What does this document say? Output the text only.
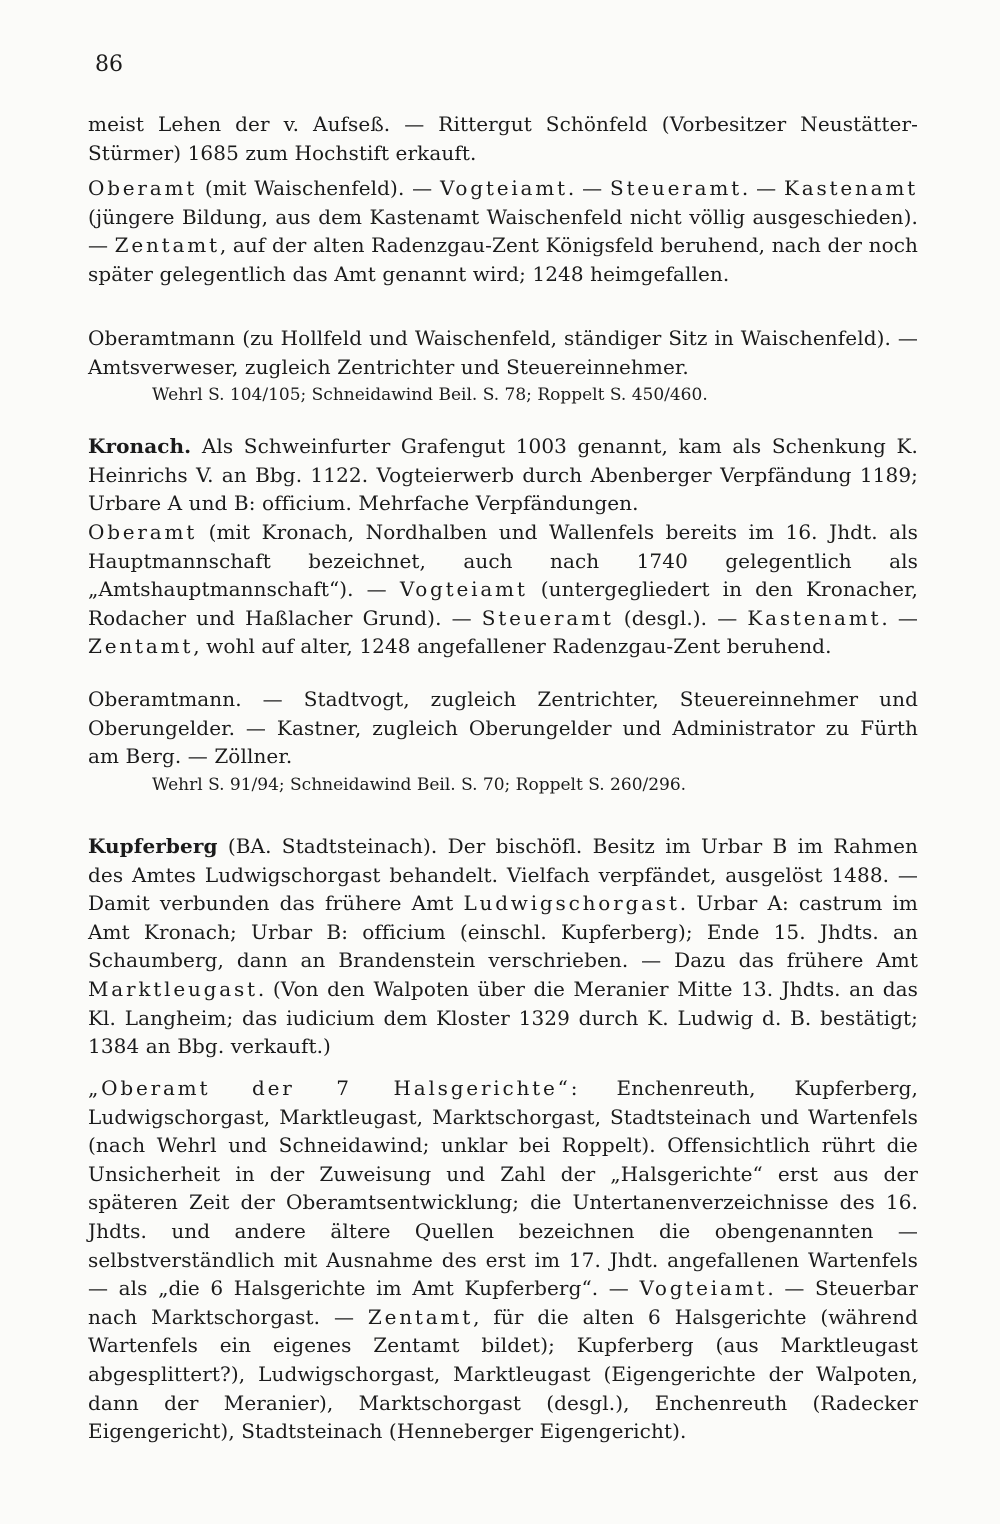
86
meist Lehen der v. Aufseß. — Rittergut Schönfeld (Vorbesitzer Neustätter-Stürmer) 1685 zum Hochstift erkauft.
Oberamt (mit Waischenfeld). — Vogteiamt. — Steueramt. — Kastenamt (jüngere Bildung, aus dem Kastenamt Waischenfeld nicht völlig ausgeschieden). — Zentamt, auf der alten Radenzgau-Zent Königsfeld beruhend, nach der noch später gelegentlich das Amt genannt wird; 1248 heimgefallen.
Oberamtmann (zu Hollfeld und Waischenfeld, ständiger Sitz in Waischenfeld). — Amtsverweser, zugleich Zentrichter und Steuereinnehmer.
Wehrl S. 104/105; Schneidawind Beil. S. 78; Roppelt S. 450/460.
Kronach. Als Schweinfurter Grafengut 1003 genannt, kam als Schenkung K. Heinrichs V. an Bbg. 1122. Vogteierwerb durch Abenberger Verpfändung 1189; Urbare A und B: officium. Mehrfache Verpfändungen.
Oberamt (mit Kronach, Nordhalben und Wallenfels bereits im 16. Jhdt. als Hauptmannschaft bezeichnet, auch nach 1740 gelegentlich als „Amtshauptmannschaft“). — Vogteiamt (untergegliedert in den Kronacher, Rodacher und Haßlacher Grund). — Steueramt (desgl.). — Kastenamt. — Zentamt, wohl auf alter, 1248 angefallener Radenzgau-Zent beruhend.
Oberamtmann. — Stadtvogt, zugleich Zentrichter, Steuereinnehmer und Oberungelder. — Kastner, zugleich Oberungelder und Administrator zu Fürth am Berg. — Zöllner.
Wehrl S. 91/94; Schneidawind Beil. S. 70; Roppelt S. 260/296.
Kupferberg (BA. Stadtsteinach). Der bischöfl. Besitz im Urbar B im Rahmen des Amtes Ludwigschorgast behandelt. Vielfach verpfändet, ausgelöst 1488. — Damit verbunden das frühere Amt Ludwigschorgast. Urbar A: castrum im Amt Kronach; Urbar B: officium (einschl. Kupferberg); Ende 15. Jhdts. an Schaumberg, dann an Brandenstein verschrieben. — Dazu das frühere Amt Marktleugast. (Von den Walpoten über die Meranier Mitte 13. Jhdts. an das Kl. Langheim; das iudicium dem Kloster 1329 durch K. Ludwig d. B. bestätigt; 1384 an Bbg. verkauft.)
„Oberamt der 7 Halsgerichte“: Enchenreuth, Kupferberg, Ludwigschorgast, Marktleugast, Marktschorgast, Stadtsteinach und Wartenfels (nach Wehrl und Schneidawind; unklar bei Roppelt). Offensichtlich rührt die Unsicherheit in der Zuweisung und Zahl der „Halsgerichte“ erst aus der späteren Zeit der Oberamtsentwicklung; die Untertanenverzeichnisse des 16. Jhdts. und andere ältere Quellen bezeichnen die obengenannten — selbstverständlich mit Ausnahme des erst im 17. Jhdt. angefallenen Wartenfels — als „die 6 Halsgerichte im Amt Kupferberg“. — Vogteiamt. — Steuerbar nach Marktschorgast. — Zentamt, für die alten 6 Halsgerichte (während Wartenfels ein eigenes Zentamt bildet); Kupferberg (aus Marktleugast abgesplittert?), Ludwigschorgast, Marktleugast (Eigengerichte der Walpoten, dann der Meranier), Marktschorgast (desgl.), Enchenreuth (Radecker Eigengericht), Stadtsteinach (Henneberger Eigengericht).
